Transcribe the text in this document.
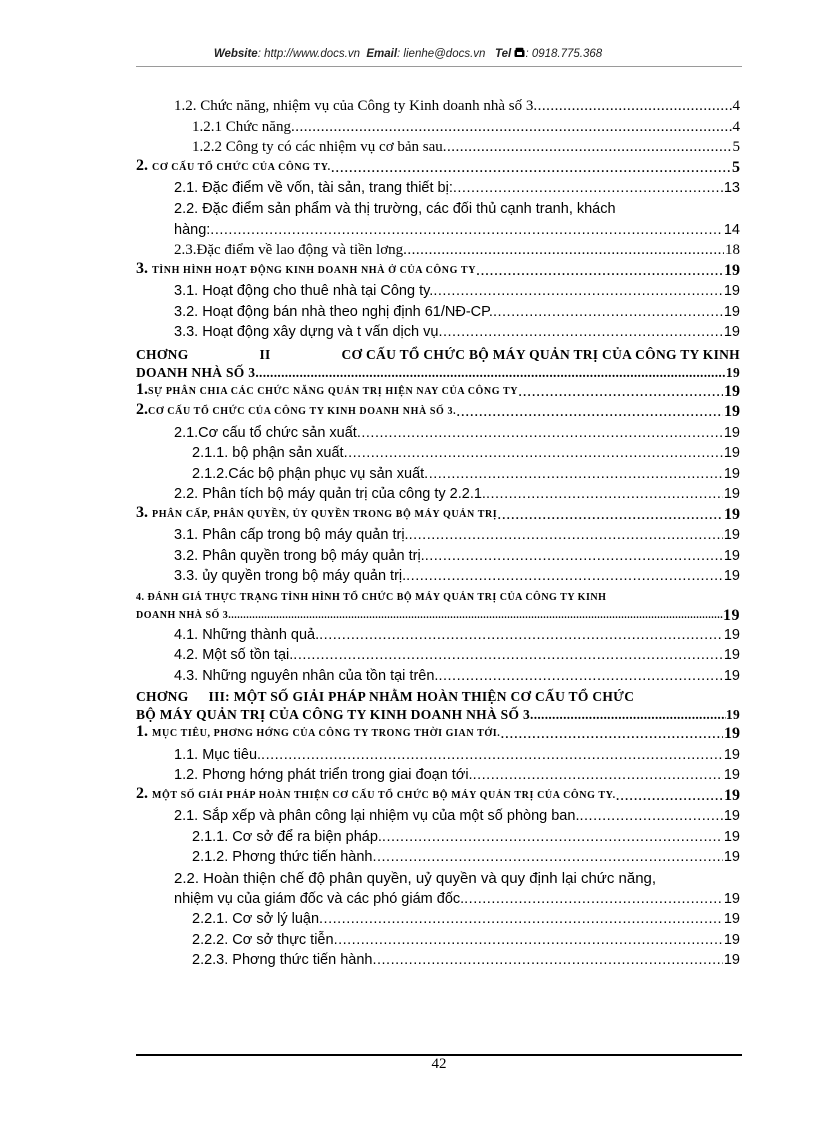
Website: http://www.docs.vn Email: lienhe@docs.vn Tel : 0918.775.368
1.2. Chức năng, nhiệm vụ của Công ty Kinh doanh nhà số 3 .....	4
1.2.1 Chức năng .....	4
1.2.2 Công ty có các nhiệm vụ cơ bản sau .....	5
2. CƠ CẤU TỔ CHỨC CỦA CÔNG TY. .....	5
2.1. Đặc điểm về vốn, tài sản, trang thiết bị: .....	13
2.2. Đặc điểm sản phẩm và thị trường, các đối thủ cạnh tranh, khách
hàng: .....	14
2.3.Đặc điểm về lao động và tiền lơng .....	18
3. TÌNH HÌNH HOẠT ĐỘNG KINH DOANH NHÀ Ở CỦA CÔNG TY .....	19
3.1. Hoạt động cho thuê nhà tại Công ty. .....	19
3.2. Hoạt động bán nhà theo nghị định 61/NĐ-CP. .....	19
3.3. Hoạt động xây dựng và t vấn dịch vụ .....	19
CHƠNG	II	CƠ CẤU TỔ CHỨC BỘ MÁY QUẢN TRỊ CỦA CÔNG TY KINH
DOANH NHÀ SỐ 3 .....	19
1.SỰ PHÂN CHIA CÁC CHỨC NĂNG QUẢN TRỊ HIỆN NAY CỦA CÔNG TY .....	19
2.CƠ CẤU TỔ CHỨC CỦA CÔNG TY KINH DOANH NHÀ SỐ 3. .....	19
2.1.Cơ cấu tổ chức sản xuất .....	19
2.1.1. bộ phận sản xuất .....	19
2.1.2.Các bộ phận phục vụ sản xuất .....	19
2.2. Phân tích bộ máy quản trị của công ty 2.2.1. .....	19
3. PHÂN CẤP, PHÂN QUYỀN, ỦY QUYỀN TRONG BỘ MÁY QUẢN TRỊ .....	19
3.1. Phân cấp trong bộ máy quản trị. .....	19
3.2. Phân quyền trong bộ máy quản trị. .....	19
3.3. ủy quyền trong bộ máy quản trị. .....	19
4. ĐÁNH GIÁ THỰC TRẠNG TÌNH HÌNH TỔ CHỨC BỘ MÁY QUẢN TRỊ CỦA CÔNG TY KINH
DOANH NHÀ SỐ 3 .....	19
4.1. Những thành quả. .....	19
4.2. Một số tồn tại. .....	19
4.3. Những nguyên nhân của tồn tại trên. .....	19
CHƠNG III: MỘT SỐ GIẢI PHÁP NHẰM HOÀN THIỆN CƠ CẤU TỔ CHỨC
BỘ MÁY QUẢN TRỊ CỦA CÔNG TY KINH DOANH NHÀ SỐ 3. .....	19
1. MỤC TIÊU, PHƠNG HỚNG CỦA CÔNG TY TRONG THỜI GIAN TỚI. .....	19
1.1. Mục tiêu. .....	19
1.2. Phơng hớng phát triển trong giai đoạn tới. .....	19
2. MỘT SỐ GIẢI PHÁP HOÀN THIỆN CƠ CẤU TỔ CHỨC BỘ MÁY QUẢN TRỊ CỦA CÔNG TY. .....	19
2.1. Sắp xếp và phân công lại nhiệm vụ của một số phòng ban. .....	19
2.1.1. Cơ sở để ra biện pháp. .....	19
2.1.2. Phơng thức tiến hành .....	19
2.2. Hoàn thiện chế độ phân quyền, uỷ quyền và quy định lại chức năng,
nhiệm vụ của giám đốc và các phó giám đốc. .....	19
2.2.1. Cơ sở lý luận .....	19
2.2.2. Cơ sở thực tiễn .....	19
2.2.3. Phơng thức tiến hành .....	19
42
